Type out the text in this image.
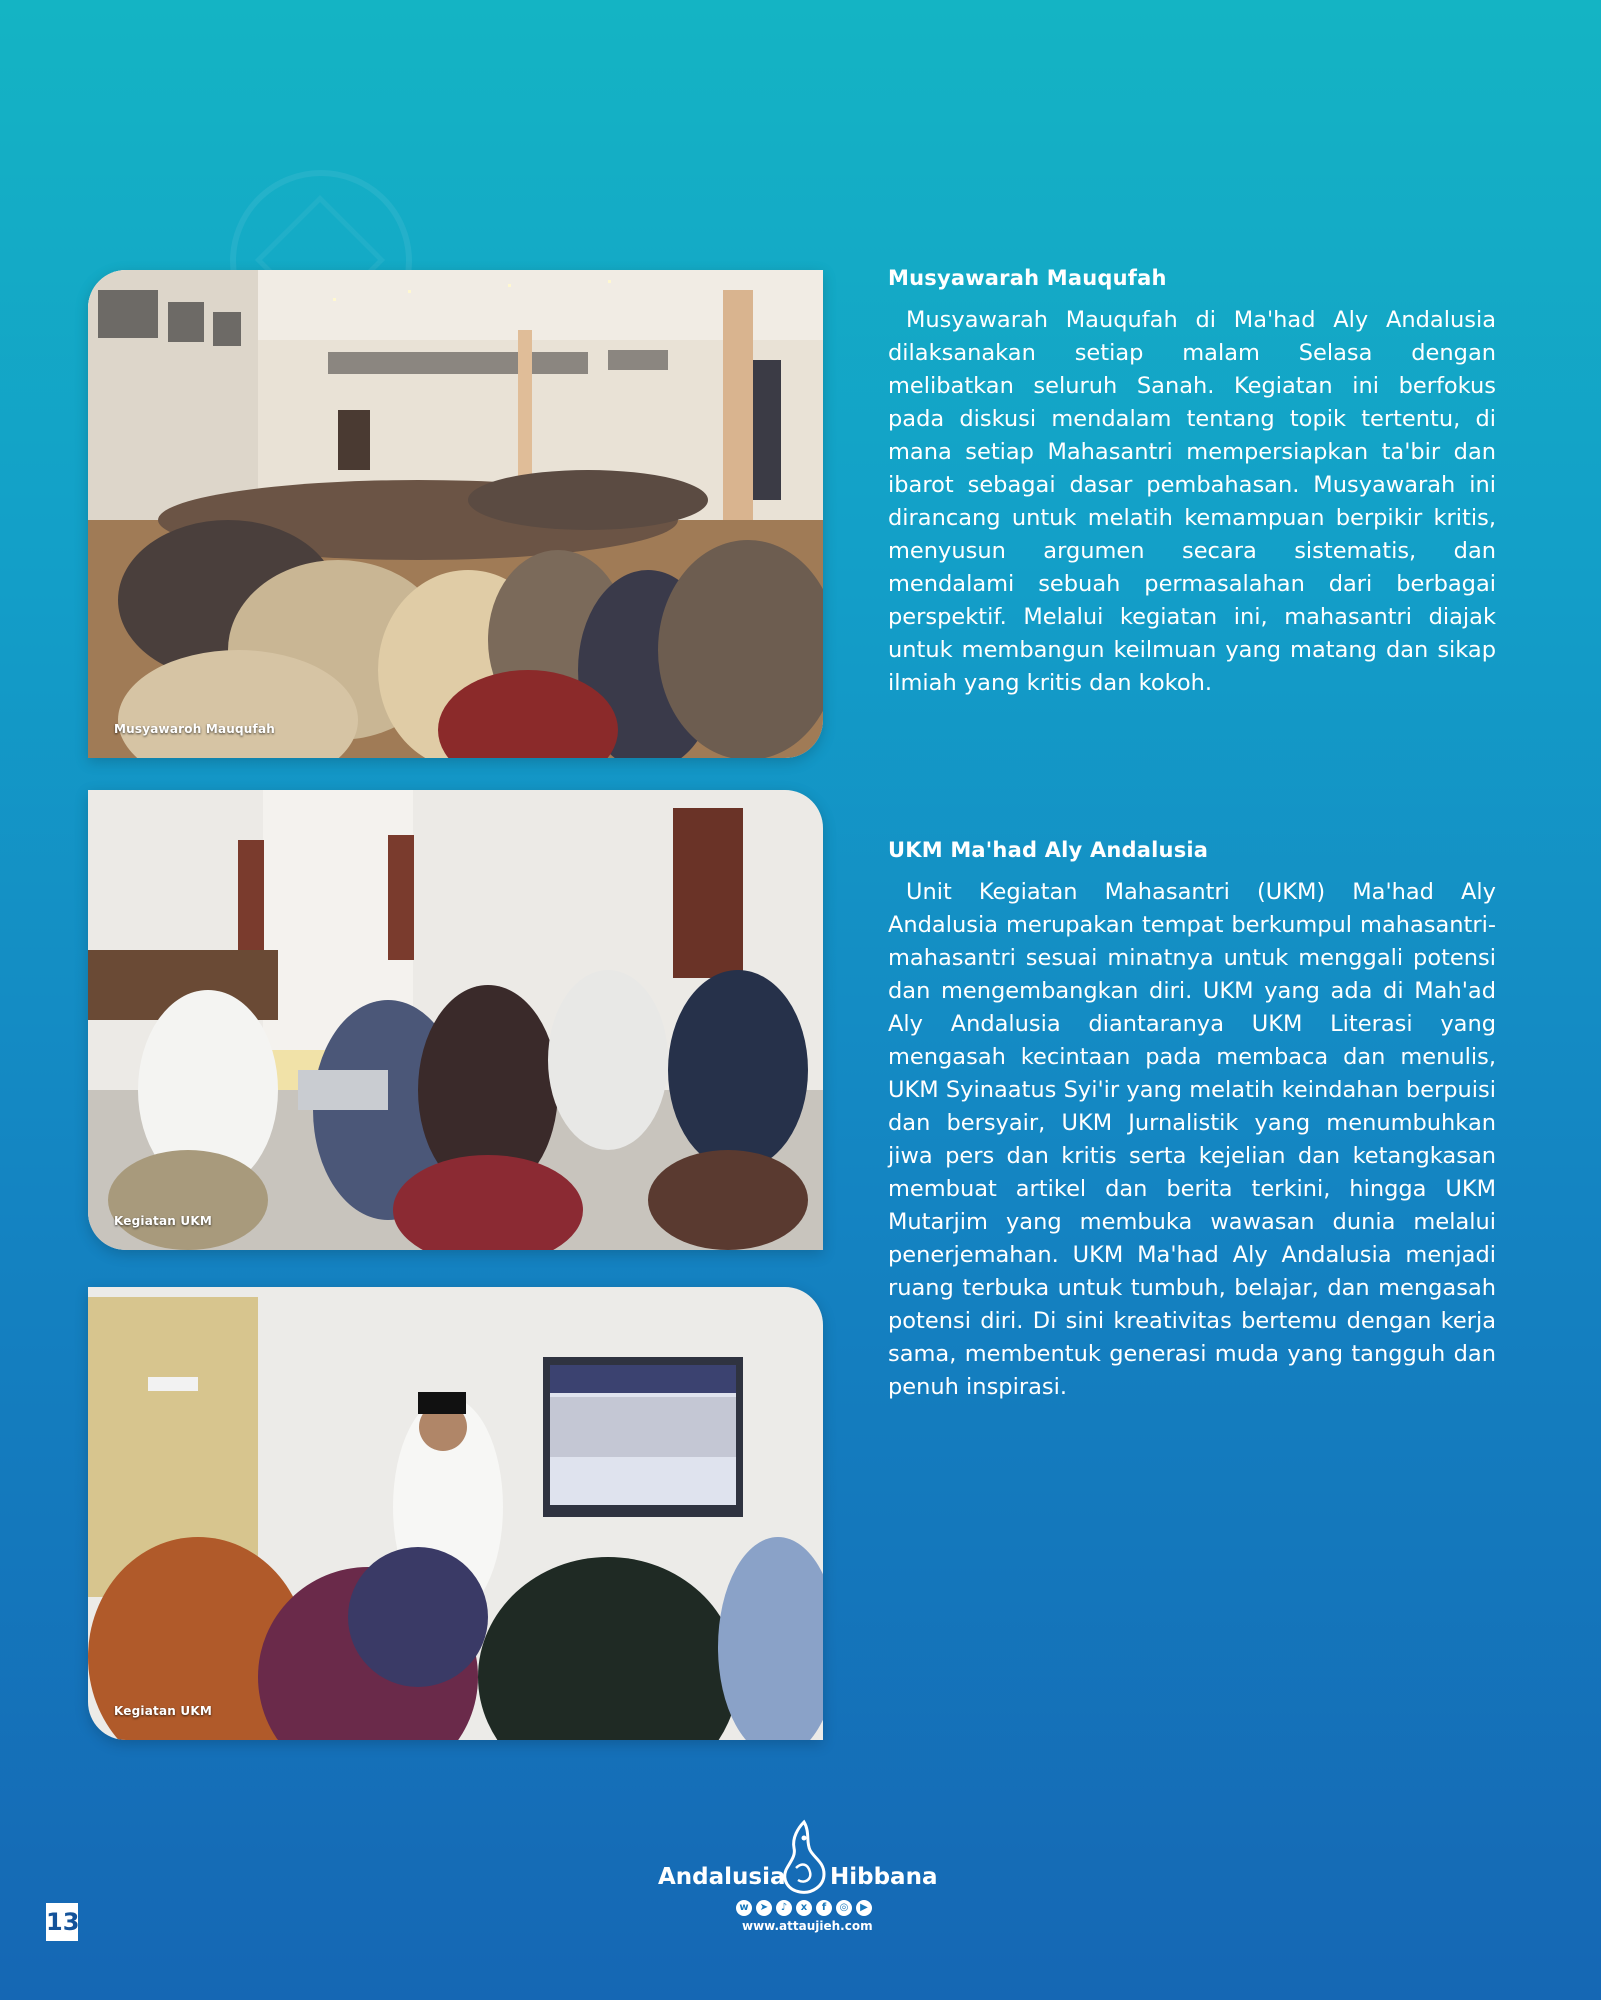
Musyawaroh Mauqufah
Kegiatan UKM
Kegiatan UKM
Musyawarah Mauqufah

Musyawarah Mauqufah di Ma'had Aly Andalusia dilaksanakan setiap malam Selasa dengan melibatkan seluruh Sanah. Kegiatan ini berfokus pada diskusi mendalam tentang topik tertentu, di mana setiap Mahasantri mempersiapkan ta'bir dan ibarot sebagai dasar pembahasan. Musyawarah ini dirancang untuk melatih kemampuan berpikir kritis, menyusun argumen secara sistematis, dan mendalami sebuah permasalahan dari berbagai perspektif. Melalui kegiatan ini, mahasantri diajak untuk membangun keilmuan yang matang dan sikap ilmiah yang kritis dan kokoh.

UKM Ma'had Aly Andalusia

Unit Kegiatan Mahasantri (UKM) Ma'had Aly Andalusia merupakan tempat berkumpul mahasantri-mahasantri sesuai minatnya untuk menggali potensi dan mengembangkan diri. UKM yang ada di Mah'ad Aly Andalusia diantaranya UKM Literasi yang mengasah kecintaan pada membaca dan menulis, UKM Syinaatus Syi'ir yang melatih keindahan berpuisi dan bersyair, UKM Jurnalistik yang menumbuhkan jiwa pers dan kritis serta kejelian dan ketangkasan membuat artikel dan berita terkini, hingga UKM Mutarjim yang membuka wawasan dunia melalui penerjemahan. UKM Ma'had Aly Andalusia menjadi ruang terbuka untuk tumbuh, belajar, dan mengasah potensi diri. Di sini kreativitas bertemu dengan kerja sama, membentuk generasi muda yang tangguh dan penuh inspirasi.

Andalusia Hibbana
w	➤	♪	x	f	◎	▶
www.attaujieh.com
13
